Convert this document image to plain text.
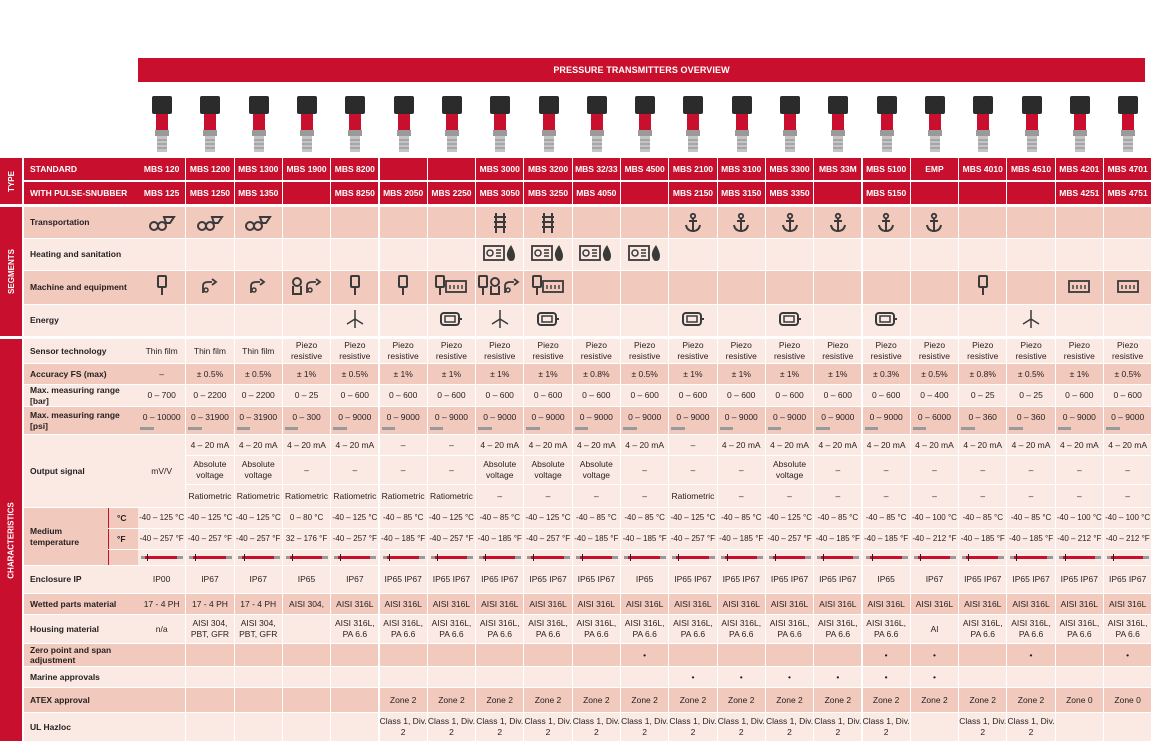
PRESSURE TRANSMITTERS OVERVIEW
TYPE
SEGMENTS
CHARACTERISTICS
STANDARD
WITH PULSE-SNUBBER
Transportation
Heating and sanitation
Machine and equipment
Energy
Sensor technology
Accuracy FS (max)
Max. measuring range [bar]
Max. measuring range [psi]
Output signal
Medium temperature
Enclosure IP
Wetted parts material
Housing material
Zero point and span adjustment
Marine approvals
ATEX approval
UL Hazloc
°C
°F
MBS 120
MBS 125
Thin film
–
0 – 700
0 – 10000
mV/V
-40 – 125 °C
-40 – 257 °F
IP00
17 - 4 PH
n/a
MBS 1200
MBS 1250
Thin film
± 0.5%
0 – 2200
0 – 31900
4 – 20 mA
Absolute voltage
Ratiometric
-40 – 125 °C
-40 – 257 °F
IP67
17 - 4 PH
AISI 304, PBT, GFR
MBS 1300
MBS 1350
Thin film
± 0.5%
0 – 2200
0 – 31900
4 – 20 mA
Absolute voltage
Ratiometric
-40 – 125 °C
-40 – 257 °F
IP67
17 - 4 PH
AISI 304, PBT, GFR
MBS 1900
Piezo resistive
± 1%
0 – 25
0 – 300
4 – 20 mA
–
Ratiometric
0 – 80 °C
32 – 176 °F
IP65
AISI 304,
MBS 8200
MBS 8250
Piezo resistive
± 0.5%
0 – 600
0 – 9000
4 – 20 mA
–
Ratiometric
-40 – 125 °C
-40 – 257 °F
IP67
AISI 316L
AISI 316L, PA 6.6
MBS 2050
Piezo resistive
± 1%
0 – 600
0 – 9000
–
–
Ratiometric
-40 – 85 °C
-40 – 185 °F
IP65 IP67
AISI 316L
AISI 316L, PA 6.6
Zone 2
Class 1, Div. 2
MBS 2250
Piezo resistive
± 1%
0 – 600
0 – 9000
–
–
Ratiometric
-40 – 125 °C
-40 – 257 °F
IP65 IP67
AISI 316L
AISI 316L, PA 6.6
Zone 2
Class 1, Div. 2
MBS 3000
MBS 3050
Piezo resistive
± 1%
0 – 600
0 – 9000
4 – 20 mA
Absolute voltage
–
-40 – 85 °C
-40 – 185 °F
IP65 IP67
AISI 316L
AISI 316L, PA 6.6
Zone 2
Class 1, Div. 2
MBS 3200
MBS 3250
Piezo resistive
± 1%
0 – 600
0 – 9000
4 – 20 mA
Absolute voltage
–
-40 – 125 °C
-40 – 257 °F
IP65 IP67
AISI 316L
AISI 316L, PA 6.6
Zone 2
Class 1, Div. 2
MBS 32/33
MBS 4050
Piezo resistive
± 0.8%
0 – 600
0 – 9000
4 – 20 mA
Absolute voltage
–
-40 – 85 °C
-40 – 185 °F
IP65 IP67
AISI 316L
AISI 316L, PA 6.6
Zone 2
Class 1, Div. 2
MBS 4500
Piezo resistive
± 0.5%
0 – 600
0 – 9000
4 – 20 mA
–
–
-40 – 85 °C
-40 – 185 °F
IP65
AISI 316L
AISI 316L, PA 6.6
•
Zone 2
Class 1, Div. 2
MBS 2100
MBS 2150
Piezo resistive
± 1%
0 – 600
0 – 9000
–
–
Ratiometric
-40 – 125 °C
-40 – 257 °F
IP65 IP67
AISI 316L
AISI 316L, PA 6.6
•
Zone 2
Class 1, Div. 2
MBS 3100
MBS 3150
Piezo resistive
± 1%
0 – 600
0 – 9000
4 – 20 mA
–
–
-40 – 85 °C
-40 – 185 °F
IP65 IP67
AISI 316L
AISI 316L, PA 6.6
•
Zone 2
Class 1, Div. 2
MBS 3300
MBS 3350
Piezo resistive
± 1%
0 – 600
0 – 9000
4 – 20 mA
Absolute voltage
–
-40 – 125 °C
-40 – 257 °F
IP65 IP67
AISI 316L
AISI 316L, PA 6.6
•
Zone 2
Class 1, Div. 2
MBS 33M
Piezo resistive
± 1%
0 – 600
0 – 9000
4 – 20 mA
–
–
-40 – 85 °C
-40 – 185 °F
IP65 IP67
AISI 316L
AISI 316L, PA 6.6
•
Zone 2
Class 1, Div. 2
MBS 5100
MBS 5150
Piezo resistive
± 0.3%
0 – 600
0 – 9000
4 – 20 mA
–
–
-40 – 85 °C
-40 – 185 °F
IP65
AISI 316L
AISI 316L, PA 6.6
•
•
Zone 2
Class 1, Div. 2
EMP
Piezo resistive
± 0.5%
0 – 400
0 – 6000
4 – 20 mA
–
–
-40 – 100 °C
-40 – 212 °F
IP67
AISI 316L
Al
•
•
Zone 2
MBS 4010
Piezo resistive
± 0.8%
0 – 25
0 – 360
4 – 20 mA
–
–
-40 – 85 °C
-40 – 185 °F
IP65 IP67
AISI 316L
AISI 316L, PA 6.6
Zone 2
Class 1, Div. 2
MBS 4510
Piezo resistive
± 0.5%
0 – 25
0 – 360
4 – 20 mA
–
–
-40 – 85 °C
-40 – 185 °F
IP65 IP67
AISI 316L
AISI 316L, PA 6.6
•
Zone 2
Class 1, Div. 2
MBS 4201
MBS 4251
Piezo resistive
± 1%
0 – 600
0 – 9000
4 – 20 mA
–
–
-40 – 100 °C
-40 – 212 °F
IP65 IP67
AISI 316L
AISI 316L, PA 6.6
Zone 0
MBS 4701
MBS 4751
Piezo resistive
± 0.5%
0 – 600
0 – 9000
4 – 20 mA
–
–
-40 – 100 °C
-40 – 212 °F
IP65 IP67
AISI 316L
AISI 316L, PA 6.6
•
Zone 0
